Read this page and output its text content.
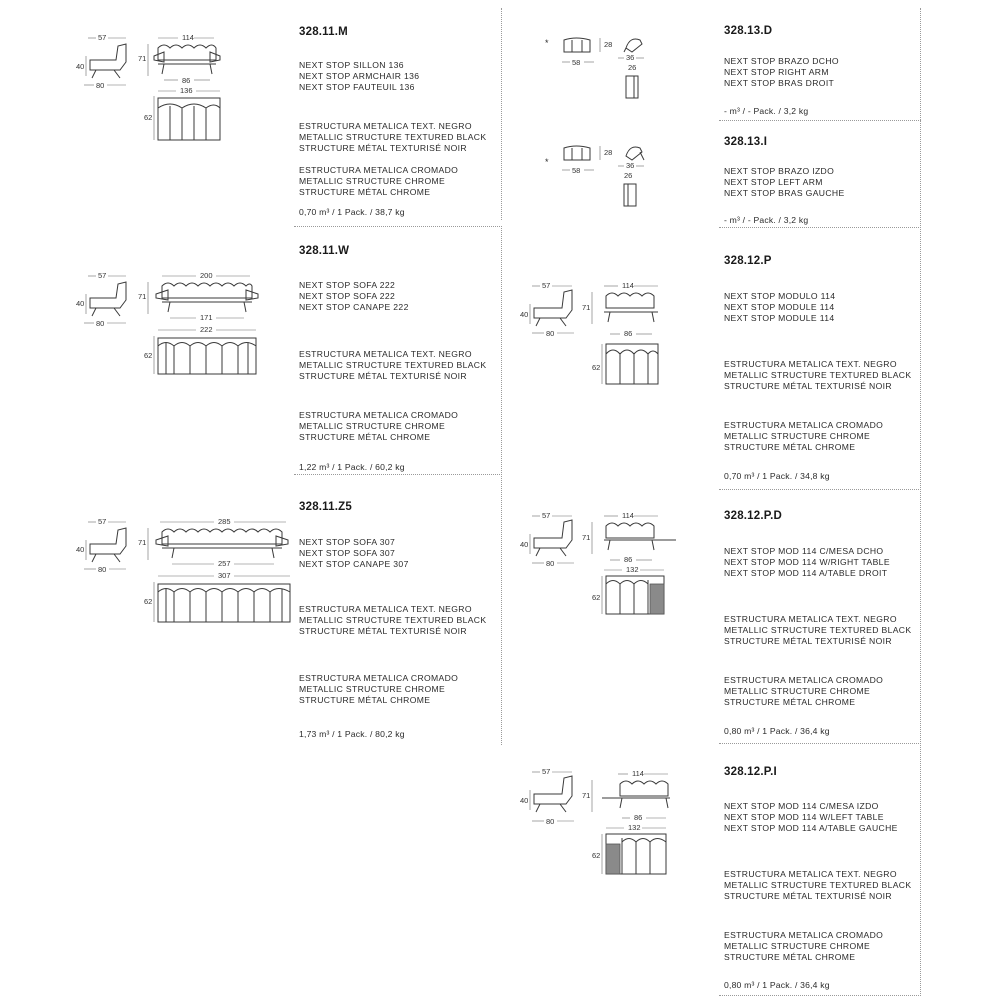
57
40
80
114
71
86
136
62
328.11.M
NEXT STOP SILLON 136
NEXT STOP ARMCHAIR 136
NEXT STOP FAUTEUIL 136
ESTRUCTURA METALICA TEXT. NEGRO
METALLIC STRUCTURE TEXTURED BLACK
STRUCTURE MÉTAL TEXTURISÉ NOIR
ESTRUCTURA METALICA CROMADO
METALLIC STRUCTURE CHROME
STRUCTURE MÉTAL CHROME
0,70 m³ / 1 Pack. / 38,7 kg
57
40
80
200
71
171
222
62
328.11.W
NEXT STOP SOFA 222
NEXT STOP SOFA 222
NEXT STOP CANAPE 222
ESTRUCTURA METALICA TEXT. NEGRO
METALLIC STRUCTURE TEXTURED BLACK
STRUCTURE MÉTAL TEXTURISÉ NOIR
ESTRUCTURA METALICA CROMADO
METALLIC STRUCTURE CHROME
STRUCTURE MÉTAL CHROME
1,22 m³ / 1 Pack. / 60,2 kg
57
40
80
285
71
257
307
62
328.11.Z5
NEXT STOP SOFA 307
NEXT STOP SOFA 307
NEXT STOP CANAPE 307
ESTRUCTURA METALICA TEXT. NEGRO
METALLIC STRUCTURE TEXTURED BLACK
STRUCTURE MÉTAL TEXTURISÉ NOIR
ESTRUCTURA METALICA CROMADO
METALLIC STRUCTURE CHROME
STRUCTURE MÉTAL CHROME
1,73 m³ / 1 Pack. / 80,2 kg
*
58
28
36
26
328.13.D
NEXT STOP BRAZO DCHO
NEXT STOP RIGHT ARM
NEXT STOP BRAS DROIT
- m³ / - Pack. / 3,2 kg
*
58
28
36
26
328.13.I
NEXT STOP BRAZO IZDO
NEXT STOP LEFT ARM
NEXT STOP BRAS GAUCHE
- m³ / - Pack. / 3,2 kg
57
40
80
114
71
86
62
328.12.P
NEXT STOP MODULO 114
NEXT STOP MODULE 114
NEXT STOP MODULE 114
ESTRUCTURA METALICA TEXT. NEGRO
METALLIC STRUCTURE TEXTURED BLACK
STRUCTURE MÉTAL TEXTURISÉ NOIR
ESTRUCTURA METALICA CROMADO
METALLIC STRUCTURE CHROME
STRUCTURE MÉTAL CHROME
0,70 m³ / 1 Pack. / 34,8 kg
57
40
80
114
71
86
132
62
328.12.P.D
NEXT STOP MOD 114 C/MESA DCHO
NEXT STOP MOD 114 W/RIGHT TABLE
NEXT STOP MOD 114 A/TABLE DROIT
ESTRUCTURA METALICA TEXT. NEGRO
METALLIC STRUCTURE TEXTURED BLACK
STRUCTURE MÉTAL TEXTURISÉ NOIR
ESTRUCTURA METALICA CROMADO
METALLIC STRUCTURE CHROME
STRUCTURE MÉTAL CHROME
0,80 m³ / 1 Pack. / 36,4 kg
57
40
80
114
71
86
132
62
328.12.P.I
NEXT STOP MOD 114 C/MESA IZDO
NEXT STOP MOD 114 W/LEFT TABLE
NEXT STOP MOD 114 A/TABLE GAUCHE
ESTRUCTURA METALICA TEXT. NEGRO
METALLIC STRUCTURE TEXTURED BLACK
STRUCTURE MÉTAL TEXTURISÉ NOIR
ESTRUCTURA METALICA CROMADO
METALLIC STRUCTURE CHROME
STRUCTURE MÉTAL CHROME
0,80 m³ / 1 Pack. / 36,4 kg
